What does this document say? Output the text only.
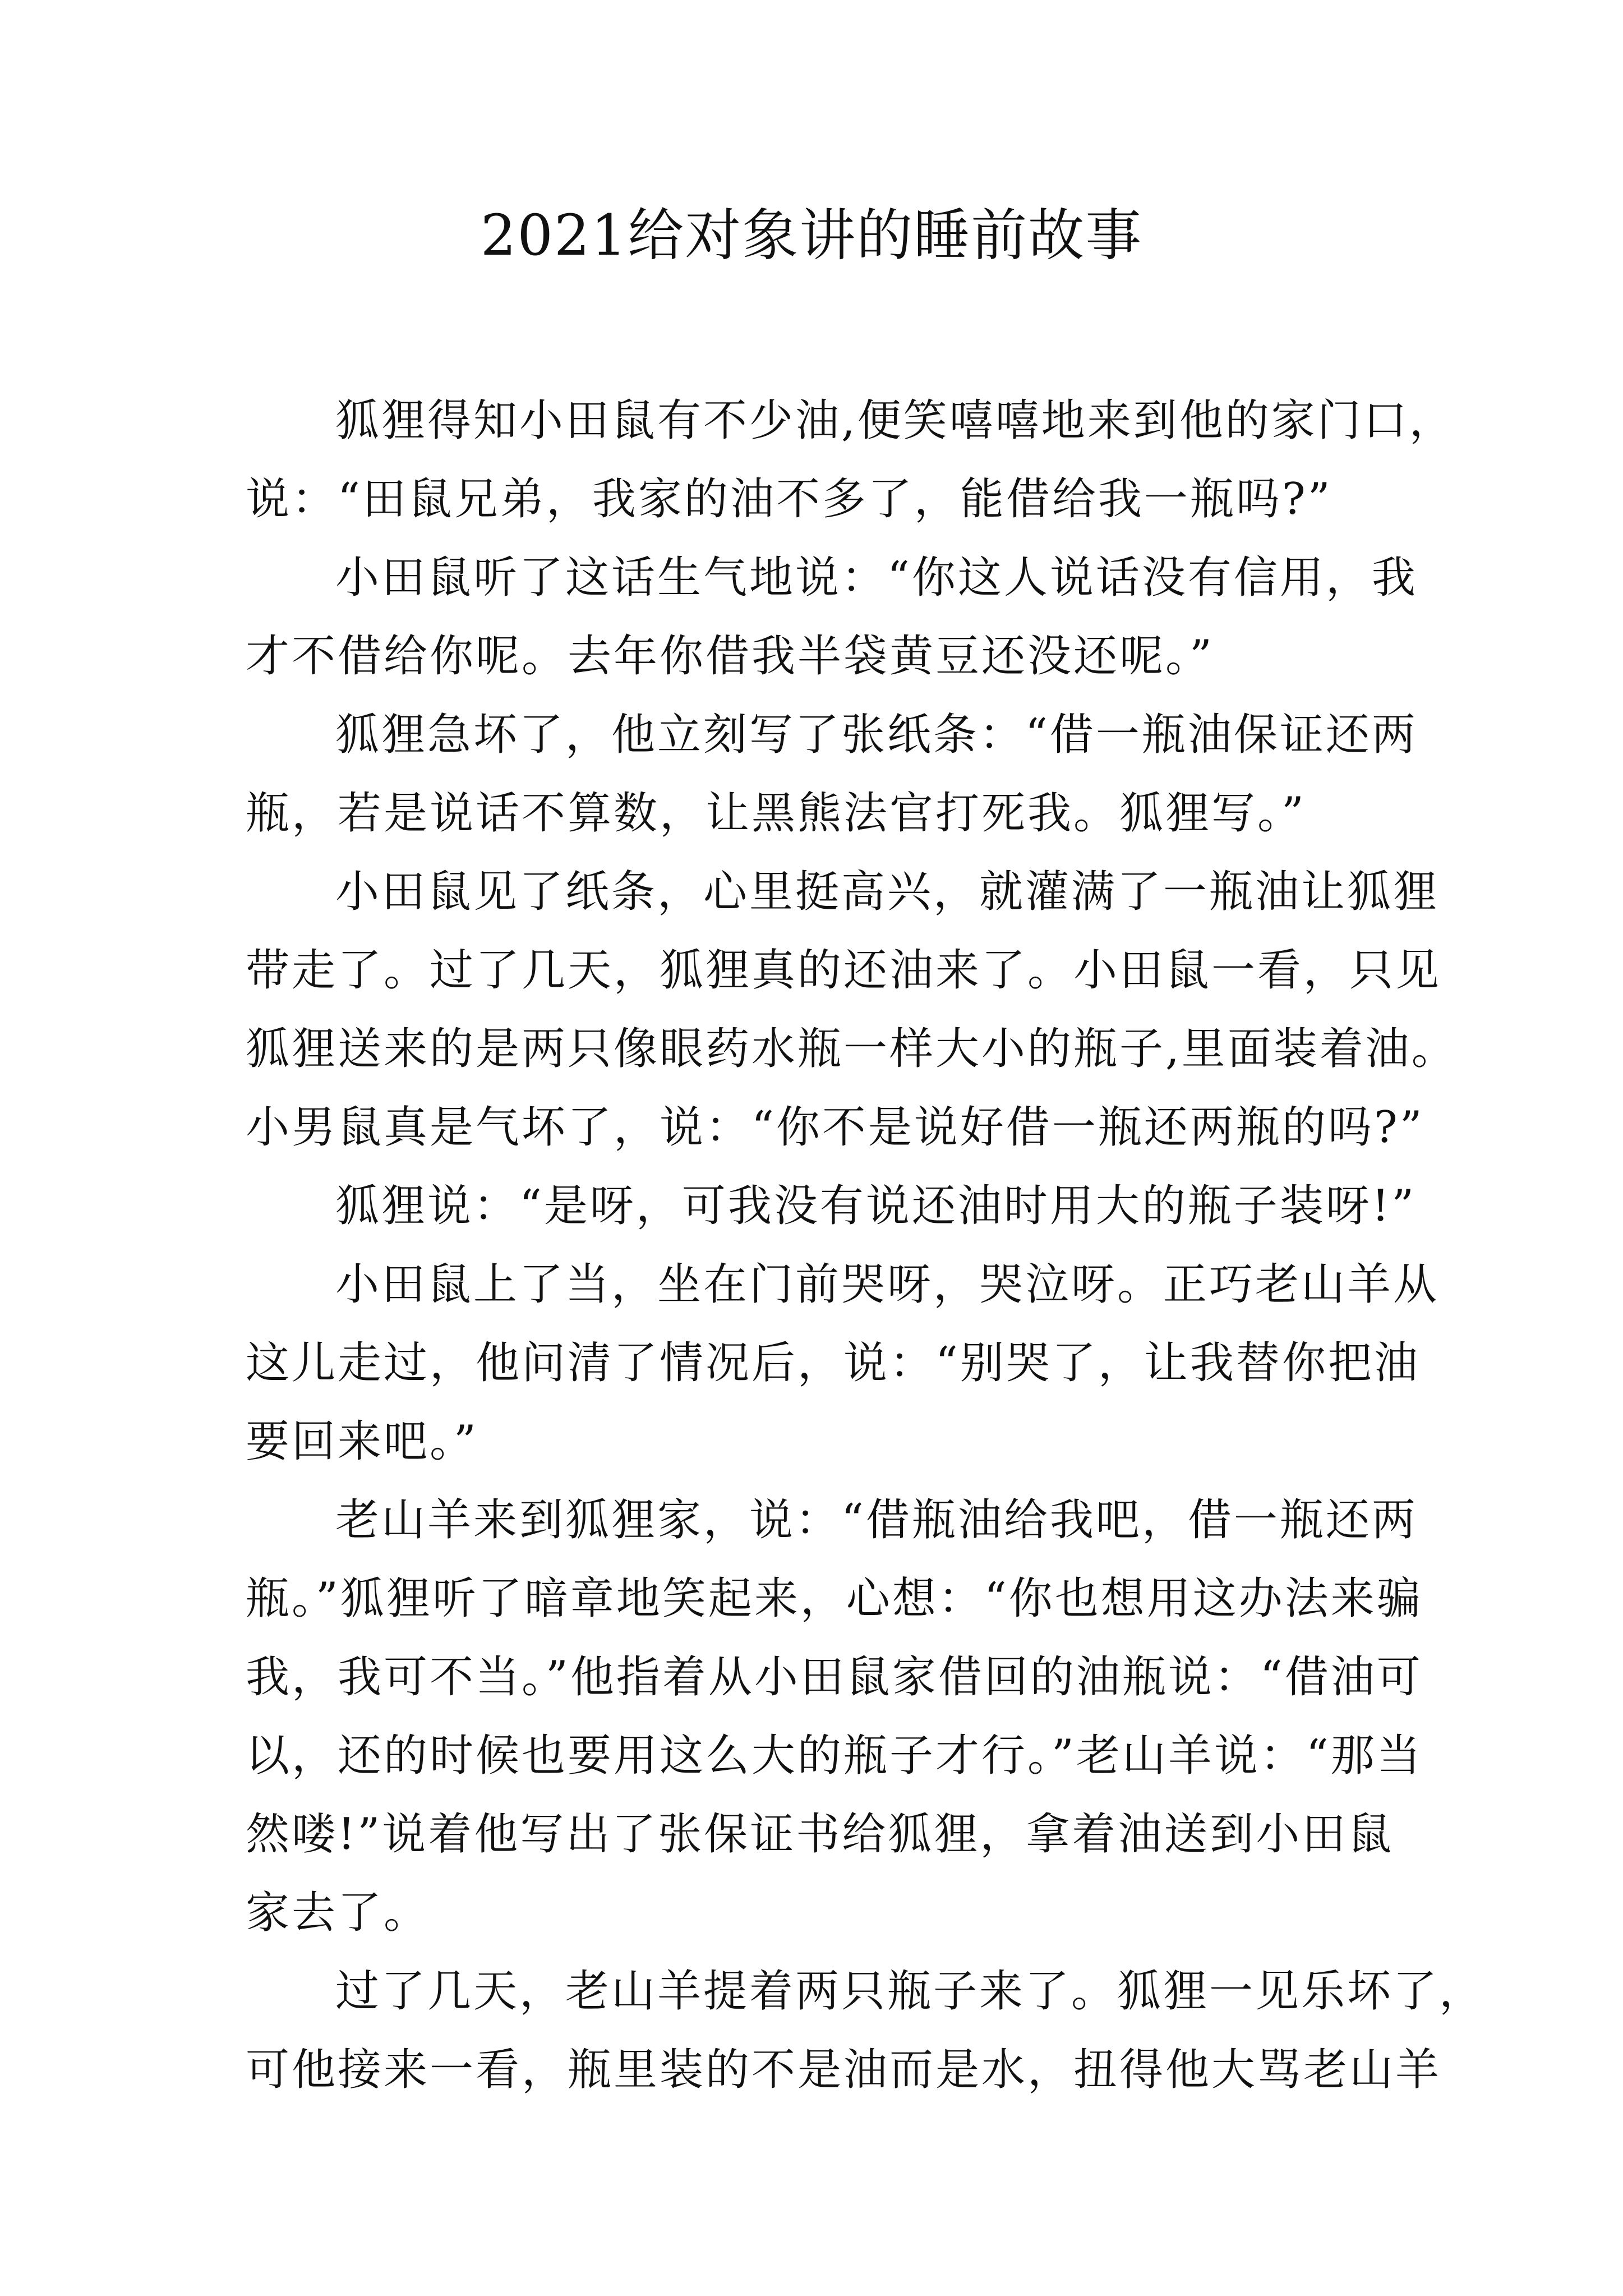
2021给对象讲的睡前故事
狐狸得知小田鼠有不少油,便笑嘻嘻地来到他的家门口，
说：“田鼠兄弟，我家的油不多了，能借给我一瓶吗?”
小田鼠听了这话生气地说：“你这人说话没有信用，我
才不借给你呢。去年你借我半袋黄豆还没还呢。”
狐狸急坏了，他立刻写了张纸条：“借一瓶油保证还两
瓶，若是说话不算数，让黑熊法官打死我。狐狸写。”
小田鼠见了纸条，心里挺高兴，就灌满了一瓶油让狐狸
带走了。过了几天，狐狸真的还油来了。小田鼠一看，只见
狐狸送来的是两只像眼药水瓶一样大小的瓶子,里面装着油。
小男鼠真是气坏了，说：“你不是说好借一瓶还两瓶的吗?”
狐狸说：“是呀，可我没有说还油时用大的瓶子装呀!”
小田鼠上了当，坐在门前哭呀，哭泣呀。正巧老山羊从
这儿走过，他问清了情况后，说：“别哭了，让我替你把油
要回来吧。”
老山羊来到狐狸家，说：“借瓶油给我吧，借一瓶还两
瓶。”狐狸听了暗章地笑起来，心想：“你也想用这办法来骗
我，我可不当。”他指着从小田鼠家借回的油瓶说：“借油可
以，还的时候也要用这么大的瓶子才行。”老山羊说：“那当
然喽!”说着他写出了张保证书给狐狸，拿着油送到小田鼠
家去了。
过了几天，老山羊提着两只瓶子来了。狐狸一见乐坏了，
可他接来一看，瓶里装的不是油而是水，扭得他大骂老山羊
